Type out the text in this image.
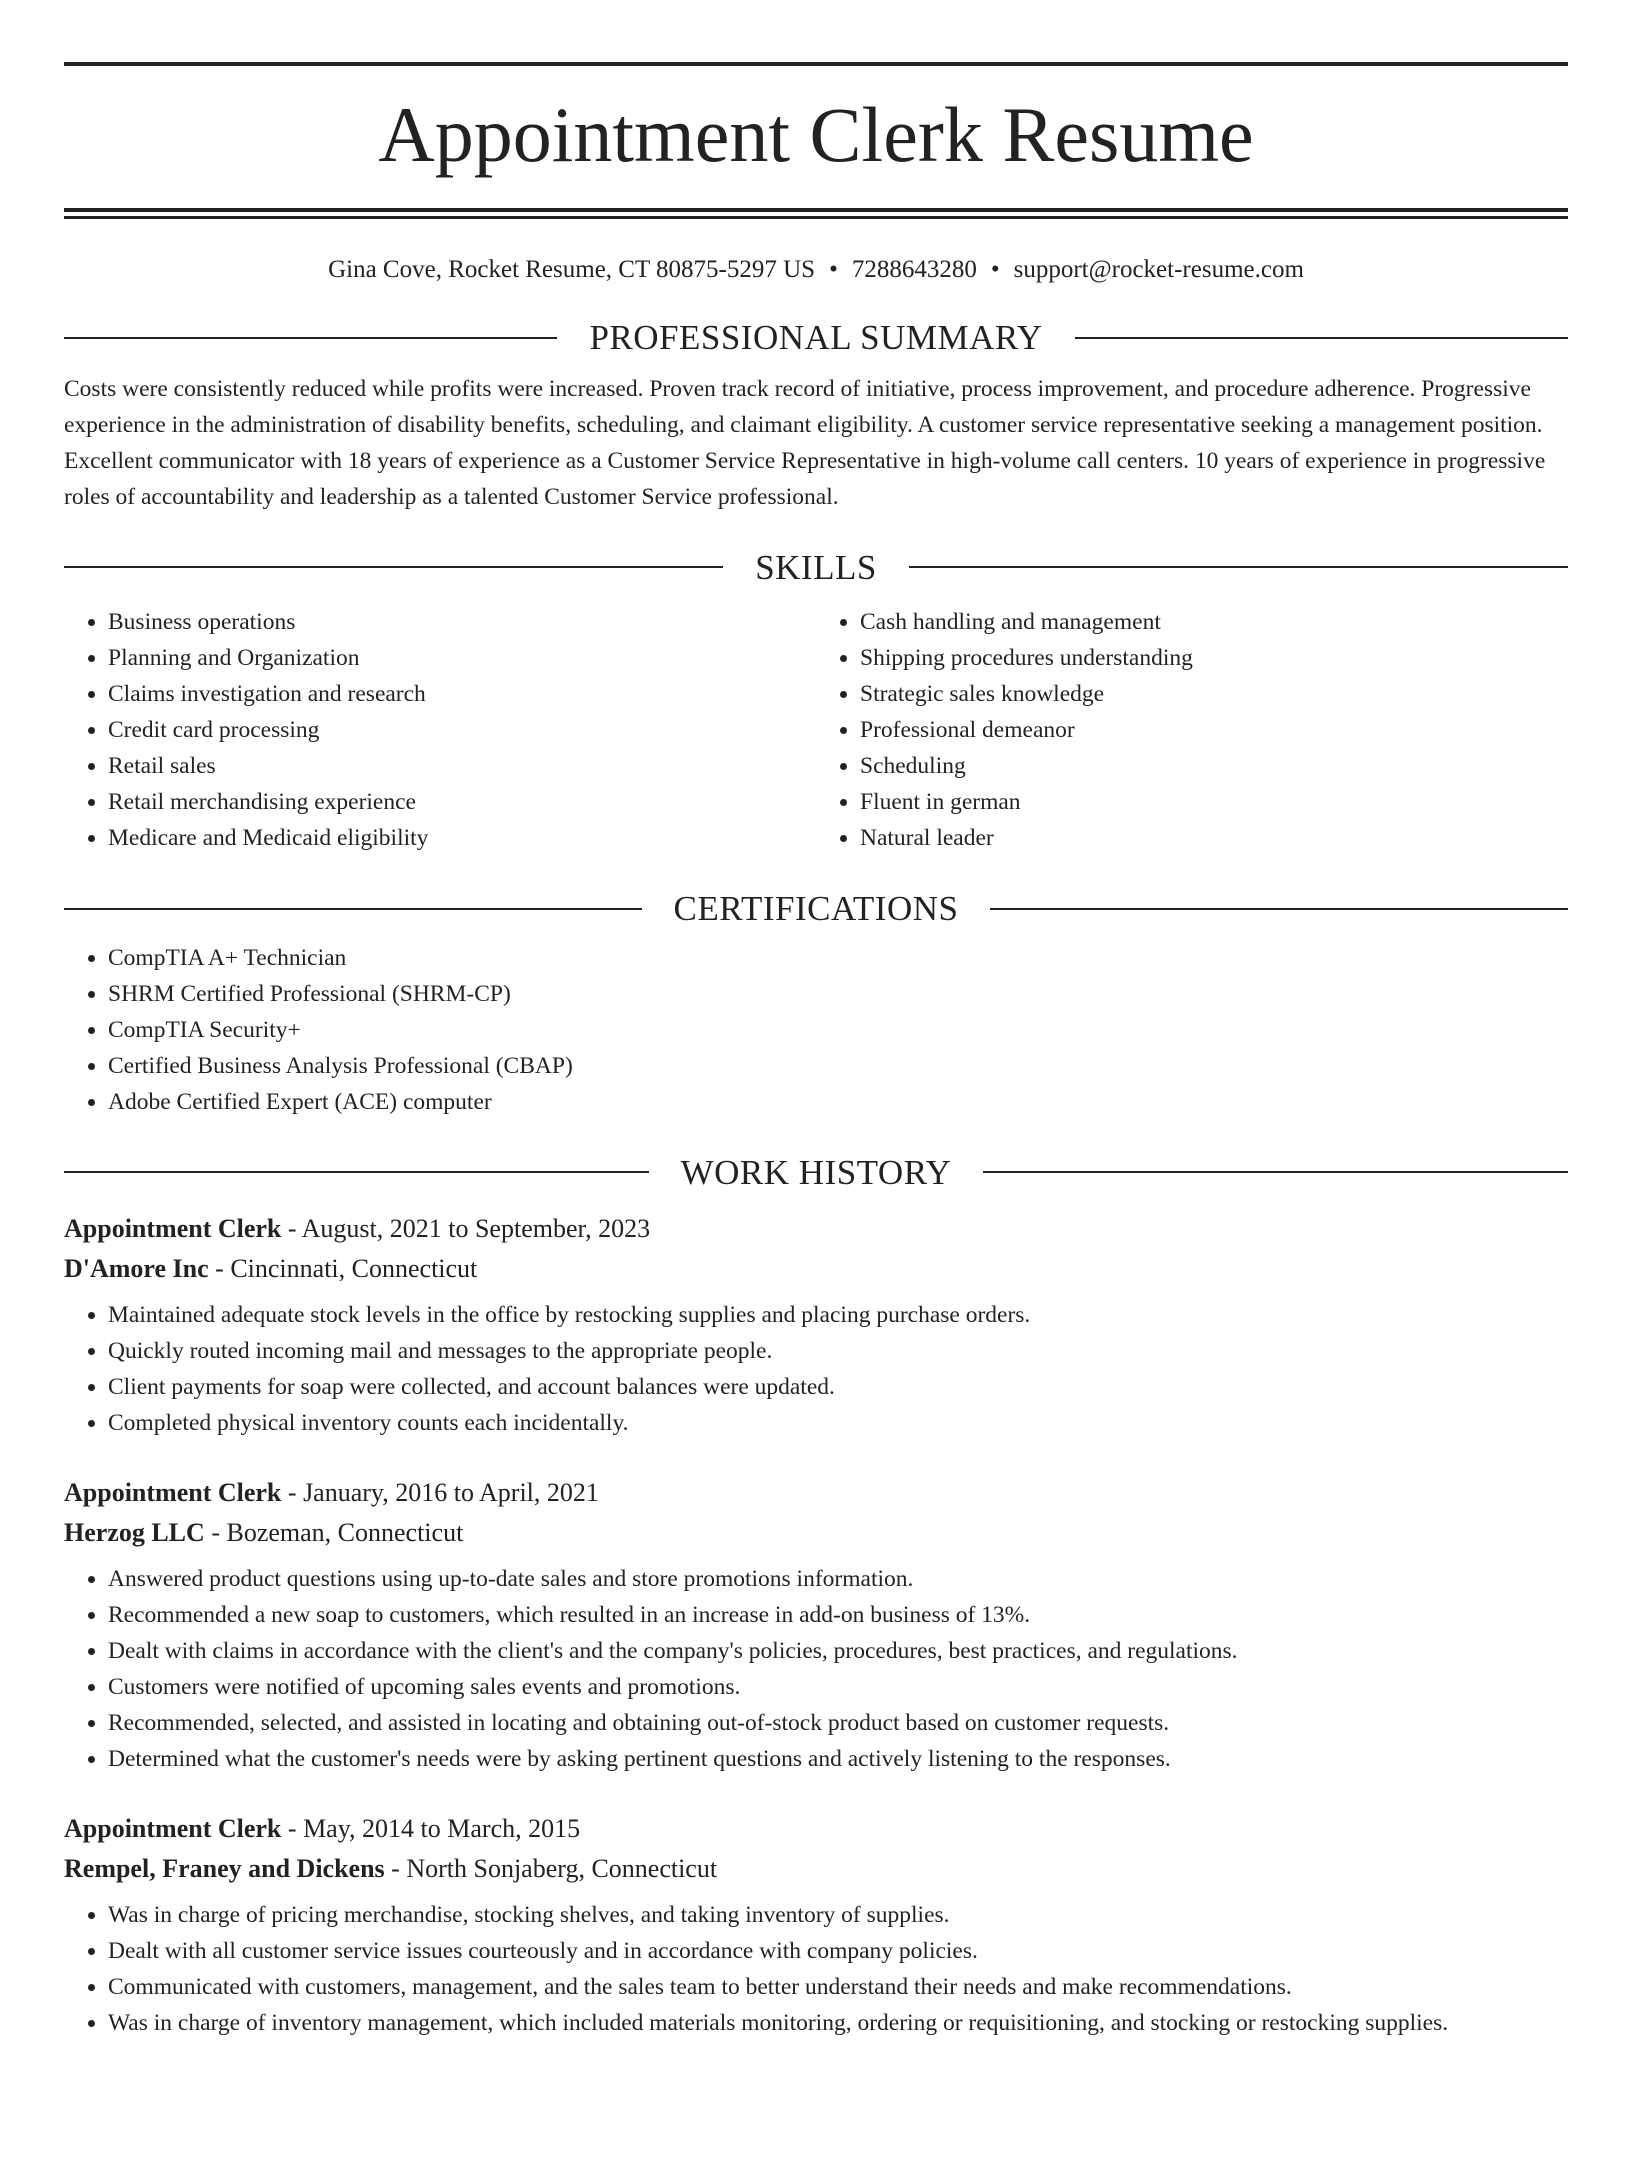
Appointment Clerk Resume
Gina Cove, Rocket Resume, CT 80875-5297 US • 7288643280 • support@rocket-resume.com
PROFESSIONAL SUMMARY

Costs were consistently reduced while profits were increased. Proven track record of initiative, process improvement, and procedure adherence. Progressive experience in the administration of disability benefits, scheduling, and claimant eligibility. A customer service representative seeking a management position. Excellent communicator with 18 years of experience as a Customer Service Representative in high-volume call centers. 10 years of experience in progressive roles of accountability and leadership as a talented Customer Service professional.

SKILLS
• Business operations
• Planning and Organization
• Claims investigation and research
• Credit card processing
• Retail sales
• Retail merchandising experience
• Medicare and Medicaid eligibility
• Cash handling and management
• Shipping procedures understanding
• Strategic sales knowledge
• Professional demeanor
• Scheduling
• Fluent in german
• Natural leader
CERTIFICATIONS
• CompTIA A+ Technician
• SHRM Certified Professional (SHRM-CP)
• CompTIA Security+
• Certified Business Analysis Professional (CBAP)
• Adobe Certified Expert (ACE) computer
WORK HISTORY
Appointment Clerk - August, 2021 to September, 2023
D'Amore Inc - Cincinnati, Connecticut
• Maintained adequate stock levels in the office by restocking supplies and placing purchase orders.
• Quickly routed incoming mail and messages to the appropriate people.
• Client payments for soap were collected, and account balances were updated.
• Completed physical inventory counts each incidentally.
Appointment Clerk - January, 2016 to April, 2021
Herzog LLC - Bozeman, Connecticut
• Answered product questions using up-to-date sales and store promotions information.
• Recommended a new soap to customers, which resulted in an increase in add-on business of 13%.
• Dealt with claims in accordance with the client's and the company's policies, procedures, best practices, and regulations.
• Customers were notified of upcoming sales events and promotions.
• Recommended, selected, and assisted in locating and obtaining out-of-stock product based on customer requests.
• Determined what the customer's needs were by asking pertinent questions and actively listening to the responses.
Appointment Clerk - May, 2014 to March, 2015
Rempel, Franey and Dickens - North Sonjaberg, Connecticut
• Was in charge of pricing merchandise, stocking shelves, and taking inventory of supplies.
• Dealt with all customer service issues courteously and in accordance with company policies.
• Communicated with customers, management, and the sales team to better understand their needs and make recommendations.
• Was in charge of inventory management, which included materials monitoring, ordering or requisitioning, and stocking or restocking supplies.
